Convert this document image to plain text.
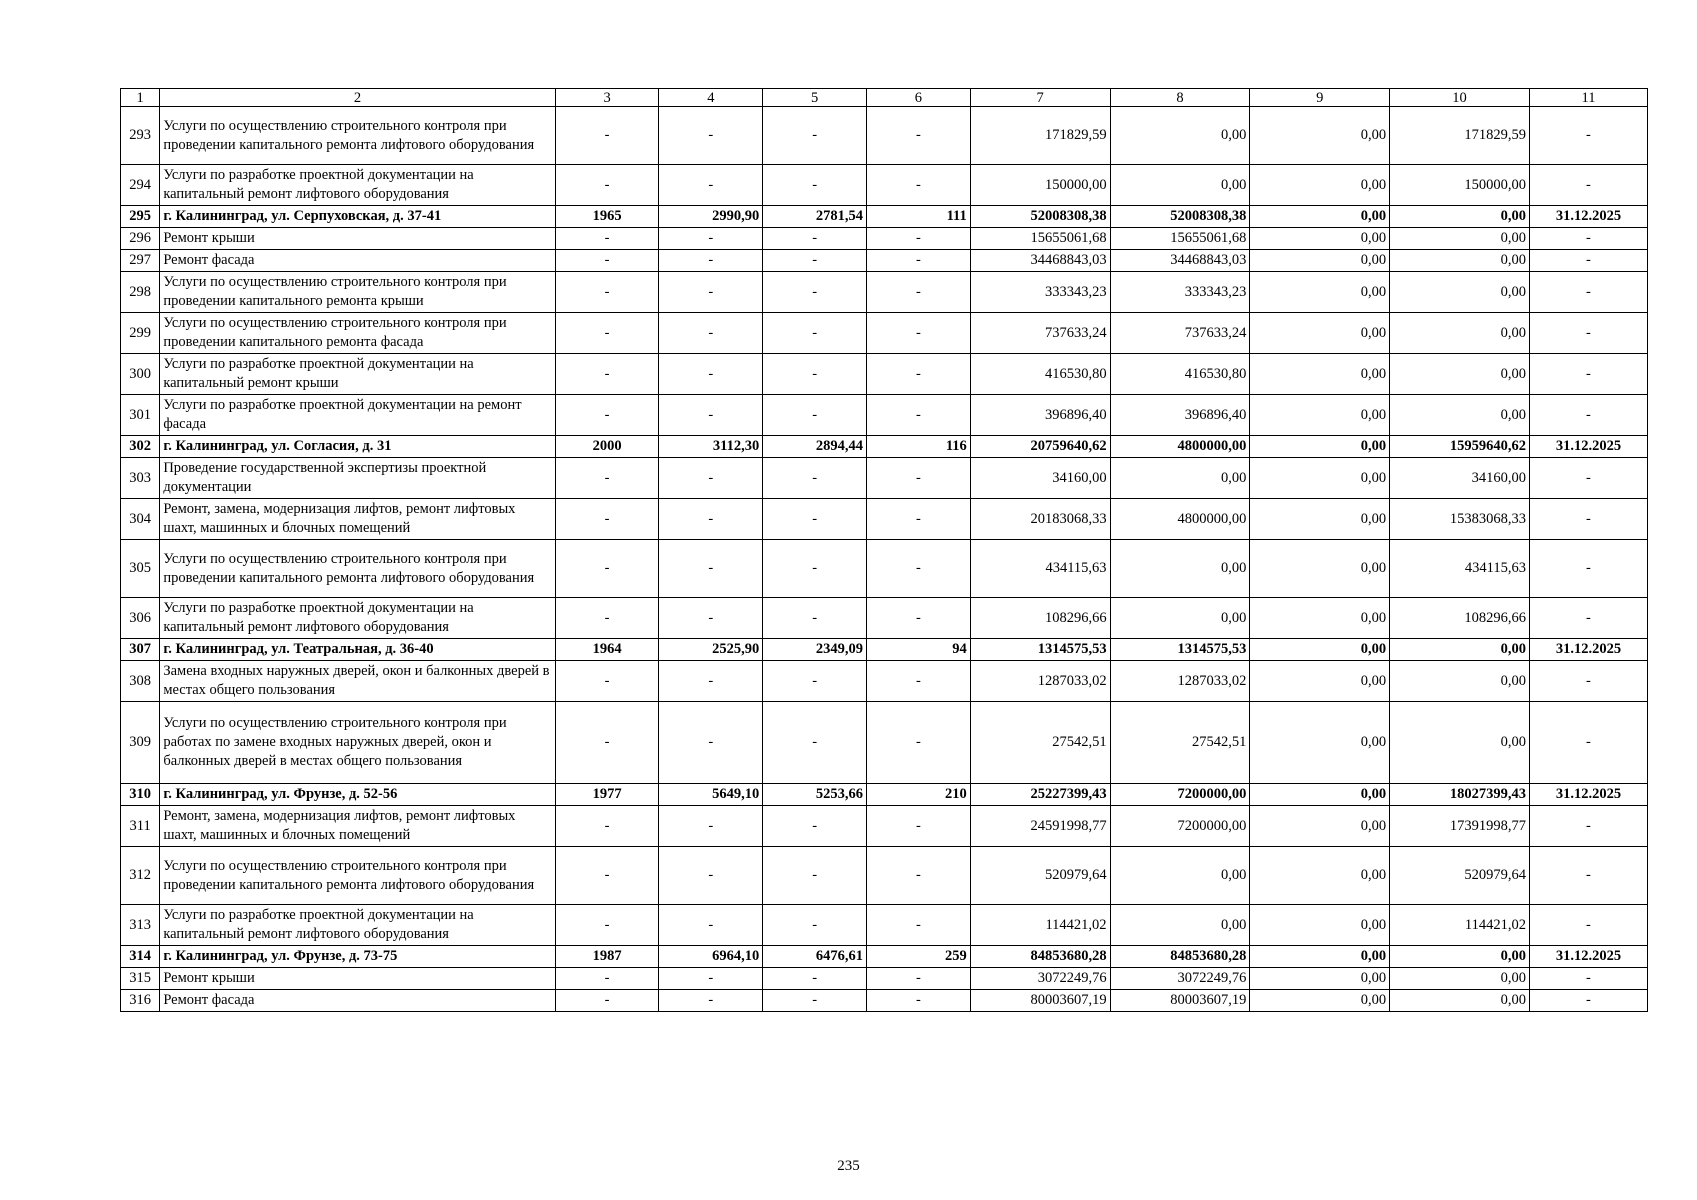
1	2	3	4	5	6	7	8	9	10	11
293	Услуги по осуществлению строительного контроля при проведении капитального ремонта лифтового оборудования	-	-	-	-	171829,59	0,00	0,00	171829,59	-
294	Услуги по разработке проектной документации на капитальный ремонт лифтового оборудования	-	-	-	-	150000,00	0,00	0,00	150000,00	-
295	г. Калининград, ул. Серпуховская, д. 37-41	1965	2990,90	2781,54	111	52008308,38	52008308,38	0,00	0,00	31.12.2025
296	Ремонт крыши	-	-	-	-	15655061,68	15655061,68	0,00	0,00	-
297	Ремонт фасада	-	-	-	-	34468843,03	34468843,03	0,00	0,00	-
298	Услуги по осуществлению строительного контроля при проведении капитального ремонта крыши	-	-	-	-	333343,23	333343,23	0,00	0,00	-
299	Услуги по осуществлению строительного контроля при проведении капитального ремонта фасада	-	-	-	-	737633,24	737633,24	0,00	0,00	-
300	Услуги по разработке проектной документации на капитальный ремонт крыши	-	-	-	-	416530,80	416530,80	0,00	0,00	-
301	Услуги по разработке проектной документации на ремонт фасада	-	-	-	-	396896,40	396896,40	0,00	0,00	-
302	г. Калининград, ул. Согласия, д. 31	2000	3112,30	2894,44	116	20759640,62	4800000,00	0,00	15959640,62	31.12.2025
303	Проведение государственной экспертизы проектной документации	-	-	-	-	34160,00	0,00	0,00	34160,00	-
304	Ремонт, замена, модернизация лифтов, ремонт лифтовых шахт, машинных и блочных помещений	-	-	-	-	20183068,33	4800000,00	0,00	15383068,33	-
305	Услуги по осуществлению строительного контроля при проведении капитального ремонта лифтового оборудования	-	-	-	-	434115,63	0,00	0,00	434115,63	-
306	Услуги по разработке проектной документации на капитальный ремонт лифтового оборудования	-	-	-	-	108296,66	0,00	0,00	108296,66	-
307	г. Калининград, ул. Театральная, д. 36-40	1964	2525,90	2349,09	94	1314575,53	1314575,53	0,00	0,00	31.12.2025
308	Замена входных наружных дверей, окон и балконных дверей в местах общего пользования	-	-	-	-	1287033,02	1287033,02	0,00	0,00	-
309	Услуги по осуществлению строительного контроля при работах по замене входных наружных дверей, окон и балконных дверей в местах общего пользования	-	-	-	-	27542,51	27542,51	0,00	0,00	-
310	г. Калининград, ул. Фрунзе, д. 52-56	1977	5649,10	5253,66	210	25227399,43	7200000,00	0,00	18027399,43	31.12.2025
311	Ремонт, замена, модернизация лифтов, ремонт лифтовых шахт, машинных и блочных помещений	-	-	-	-	24591998,77	7200000,00	0,00	17391998,77	-
312	Услуги по осуществлению строительного контроля при проведении капитального ремонта лифтового оборудования	-	-	-	-	520979,64	0,00	0,00	520979,64	-
313	Услуги по разработке проектной документации на капитальный ремонт лифтового оборудования	-	-	-	-	114421,02	0,00	0,00	114421,02	-
314	г. Калининград, ул. Фрунзе, д. 73-75	1987	6964,10	6476,61	259	84853680,28	84853680,28	0,00	0,00	31.12.2025
315	Ремонт крыши	-	-	-	-	3072249,76	3072249,76	0,00	0,00	-
316	Ремонт фасада	-	-	-	-	80003607,19	80003607,19	0,00	0,00	-
235
